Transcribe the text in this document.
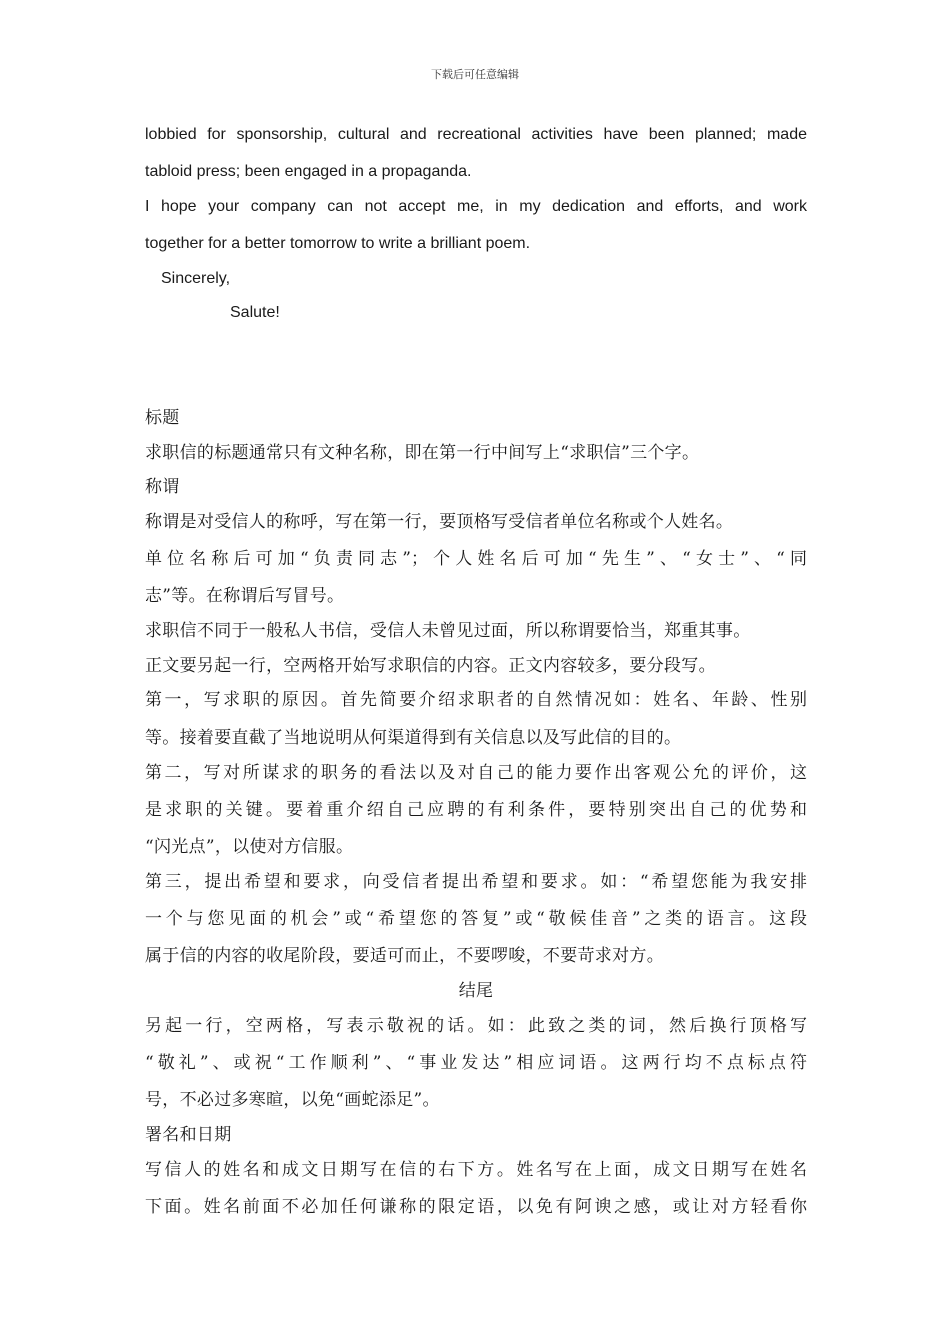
下载后可任意编辑
lobbied for sponsorship, cultural and recreational activities have been planned; made
tabloid press; been engaged in a propaganda.
I hope your company can not accept me, in my dedication and efforts, and work
together for a better tomorrow to write a brilliant poem.
Sincerely,
Salute!
标题
求职信的标题通常只有文种名称，即在第一行中间写上“求职信”三个字。
称谓
称谓是对受信人的称呼，写在第一行，要顶格写受信者单位名称或个人姓名。
单位名称后可加“负责同志”；个人姓名后可加“先生”、“女士”、“同
志”等。在称谓后写冒号。
求职信不同于一般私人书信，受信人未曾见过面，所以称谓要恰当，郑重其事。
正文要另起一行，空两格开始写求职信的内容。正文内容较多，要分段写。
第一，写求职的原因。首先简要介绍求职者的自然情况如：姓名、年龄、性别
等。接着要直截了当地说明从何渠道得到有关信息以及写此信的目的。
第二，写对所谋求的职务的看法以及对自己的能力要作出客观公允的评价，这
是求职的关键。要着重介绍自己应聘的有利条件，要特别突出自己的优势和
“闪光点”，以使对方信服。
第三，提出希望和要求，向受信者提出希望和要求。如：“希望您能为我安排
一个与您见面的机会”或“希望您的答复”或“敬候佳音”之类的语言。这段
属于信的内容的收尾阶段，要适可而止，不要啰唆，不要苛求对方。
结尾
另起一行，空两格，写表示敬祝的话。如：此致之类的词，然后换行顶格写
“敬礼”、或祝“工作顺利”、“事业发达”相应词语。这两行均不点标点符
号，不必过多寒暄，以免“画蛇添足”。
署名和日期
写信人的姓名和成文日期写在信的右下方。姓名写在上面，成文日期写在姓名
下面。姓名前面不必加任何谦称的限定语，以免有阿谀之感，或让对方轻看你
